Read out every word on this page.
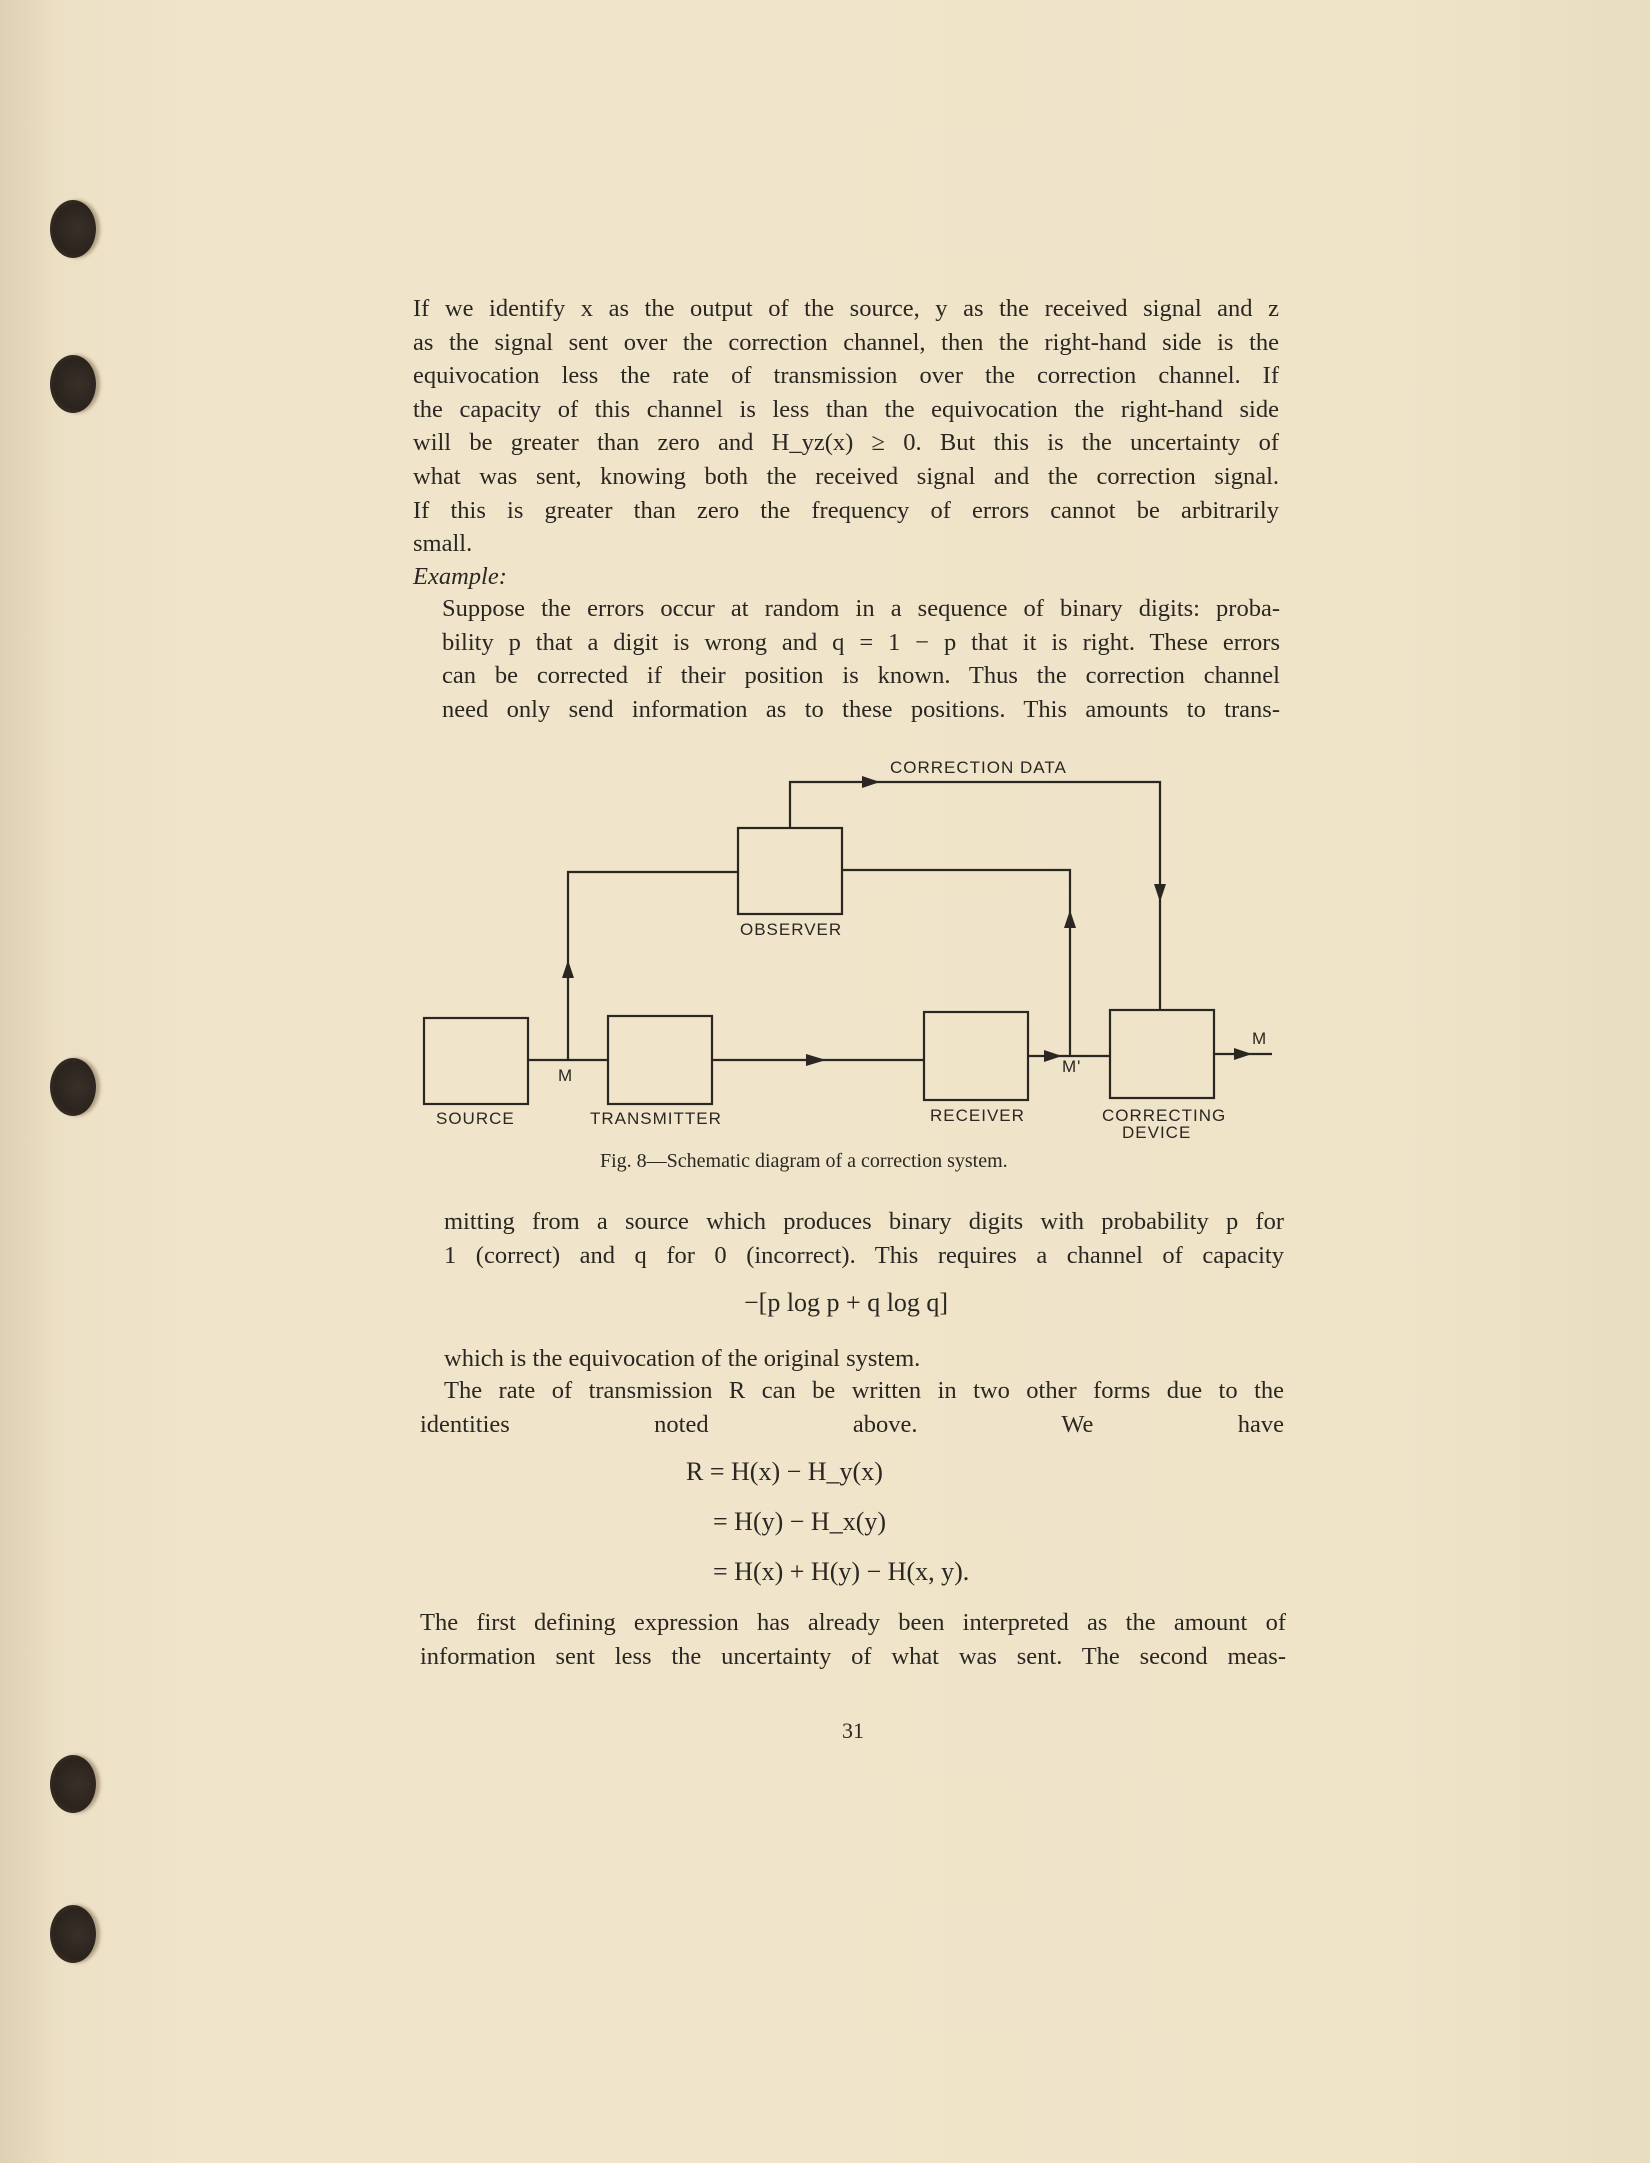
If we identify x as the output of the source, y as the received signal and z
as the signal sent over the correction channel, then the right-hand side is the
equivocation less the rate of transmission over the correction channel. If
the capacity of this channel is less than the equivocation the right-hand side
will be greater than zero and H_yz(x) ≥ 0. But this is the uncertainty of
what was sent, knowing both the received signal and the correction signal.
If this is greater than zero the frequency of errors cannot be arbitrarily
small.
Example:
Suppose the errors occur at random in a sequence of binary digits: proba-
bility p that a digit is wrong and q = 1 − p that it is right. These errors
can be corrected if their position is known. Thus the correction channel
need only send information as to these positions. This amounts to trans-
CORRECTION DATA
OBSERVER
SOURCE	TRANSMITTER	RECEIVER	CORRECTING
DEVICE
M	M'
M
Fig. 8—Schematic diagram of a correction system.
mitting from a source which produces binary digits with probability p for
1 (correct) and q for 0 (incorrect). This requires a channel of capacity
−[p log p + q log q]
which is the equivocation of the original system.
The rate of transmission R can be written in two other forms due to the
identities noted above. We have
R = H(x) − H_y(x)
= H(y) − H_x(y)
= H(x) + H(y) − H(x, y).
The first defining expression has already been interpreted as the amount of
information sent less the uncertainty of what was sent. The second meas-
31
